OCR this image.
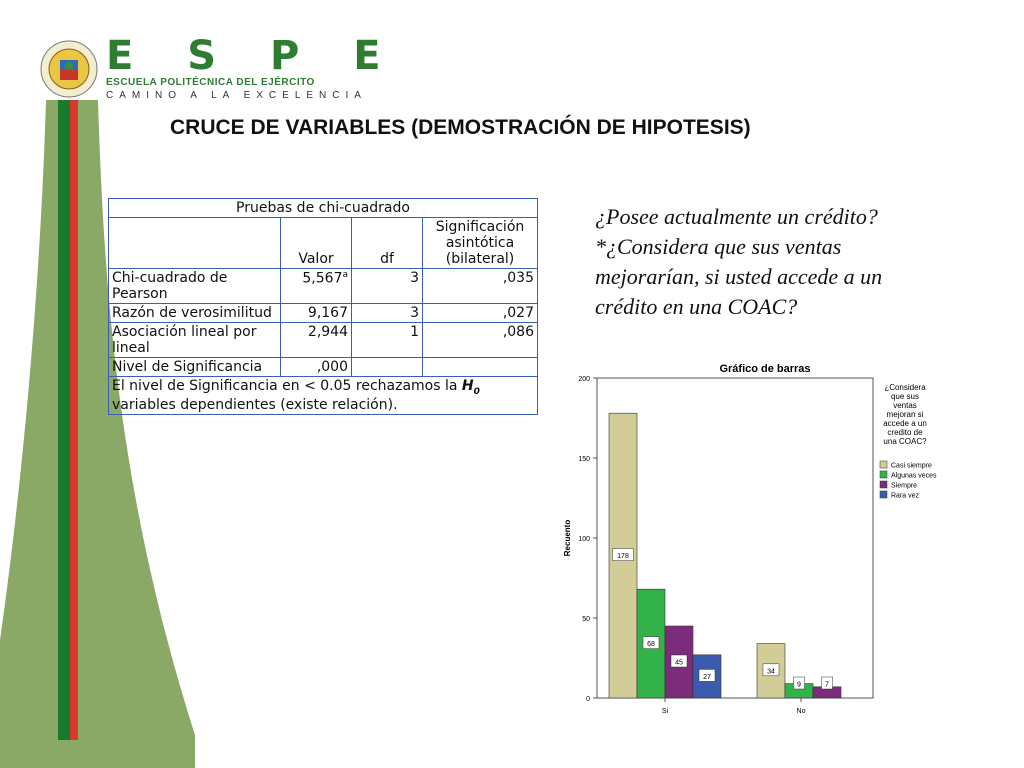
E S P E
ESCUELA POLITÉCNICA DEL EJÉRCITO
CAMINO A LA EXCELENCIA
CRUCE DE VARIABLES (DEMOSTRACIÓN DE HIPOTESIS)
Pruebas de chi-cuadrado			
	Valor	df	Significación asintótica (bilateral)
Chi-cuadrado de Pearson	5,567$^a$	3	,035
Razón de verosimilitud	9,167	3	,027
Asociación lineal por lineal	2,944	1	,086
Nivel de Significancia	,000		
El nivel de Significancia en < 0.05 rechazamos la $H_0$ variables dependientes (existe relación).			
¿Posee actualmente un crédito?
*¿Considera que sus ventas mejorarían, si usted accede a un crédito en una COAC?
Gráfico de barras
0
50
100
150
200
Recuento
178
68
45
27
Si
34
9	7
No
¿Considera que sus ventas mejoran si accede a un credito de una COAC?
Casi siempre
Algunas veces
Siempre
Rara vez
